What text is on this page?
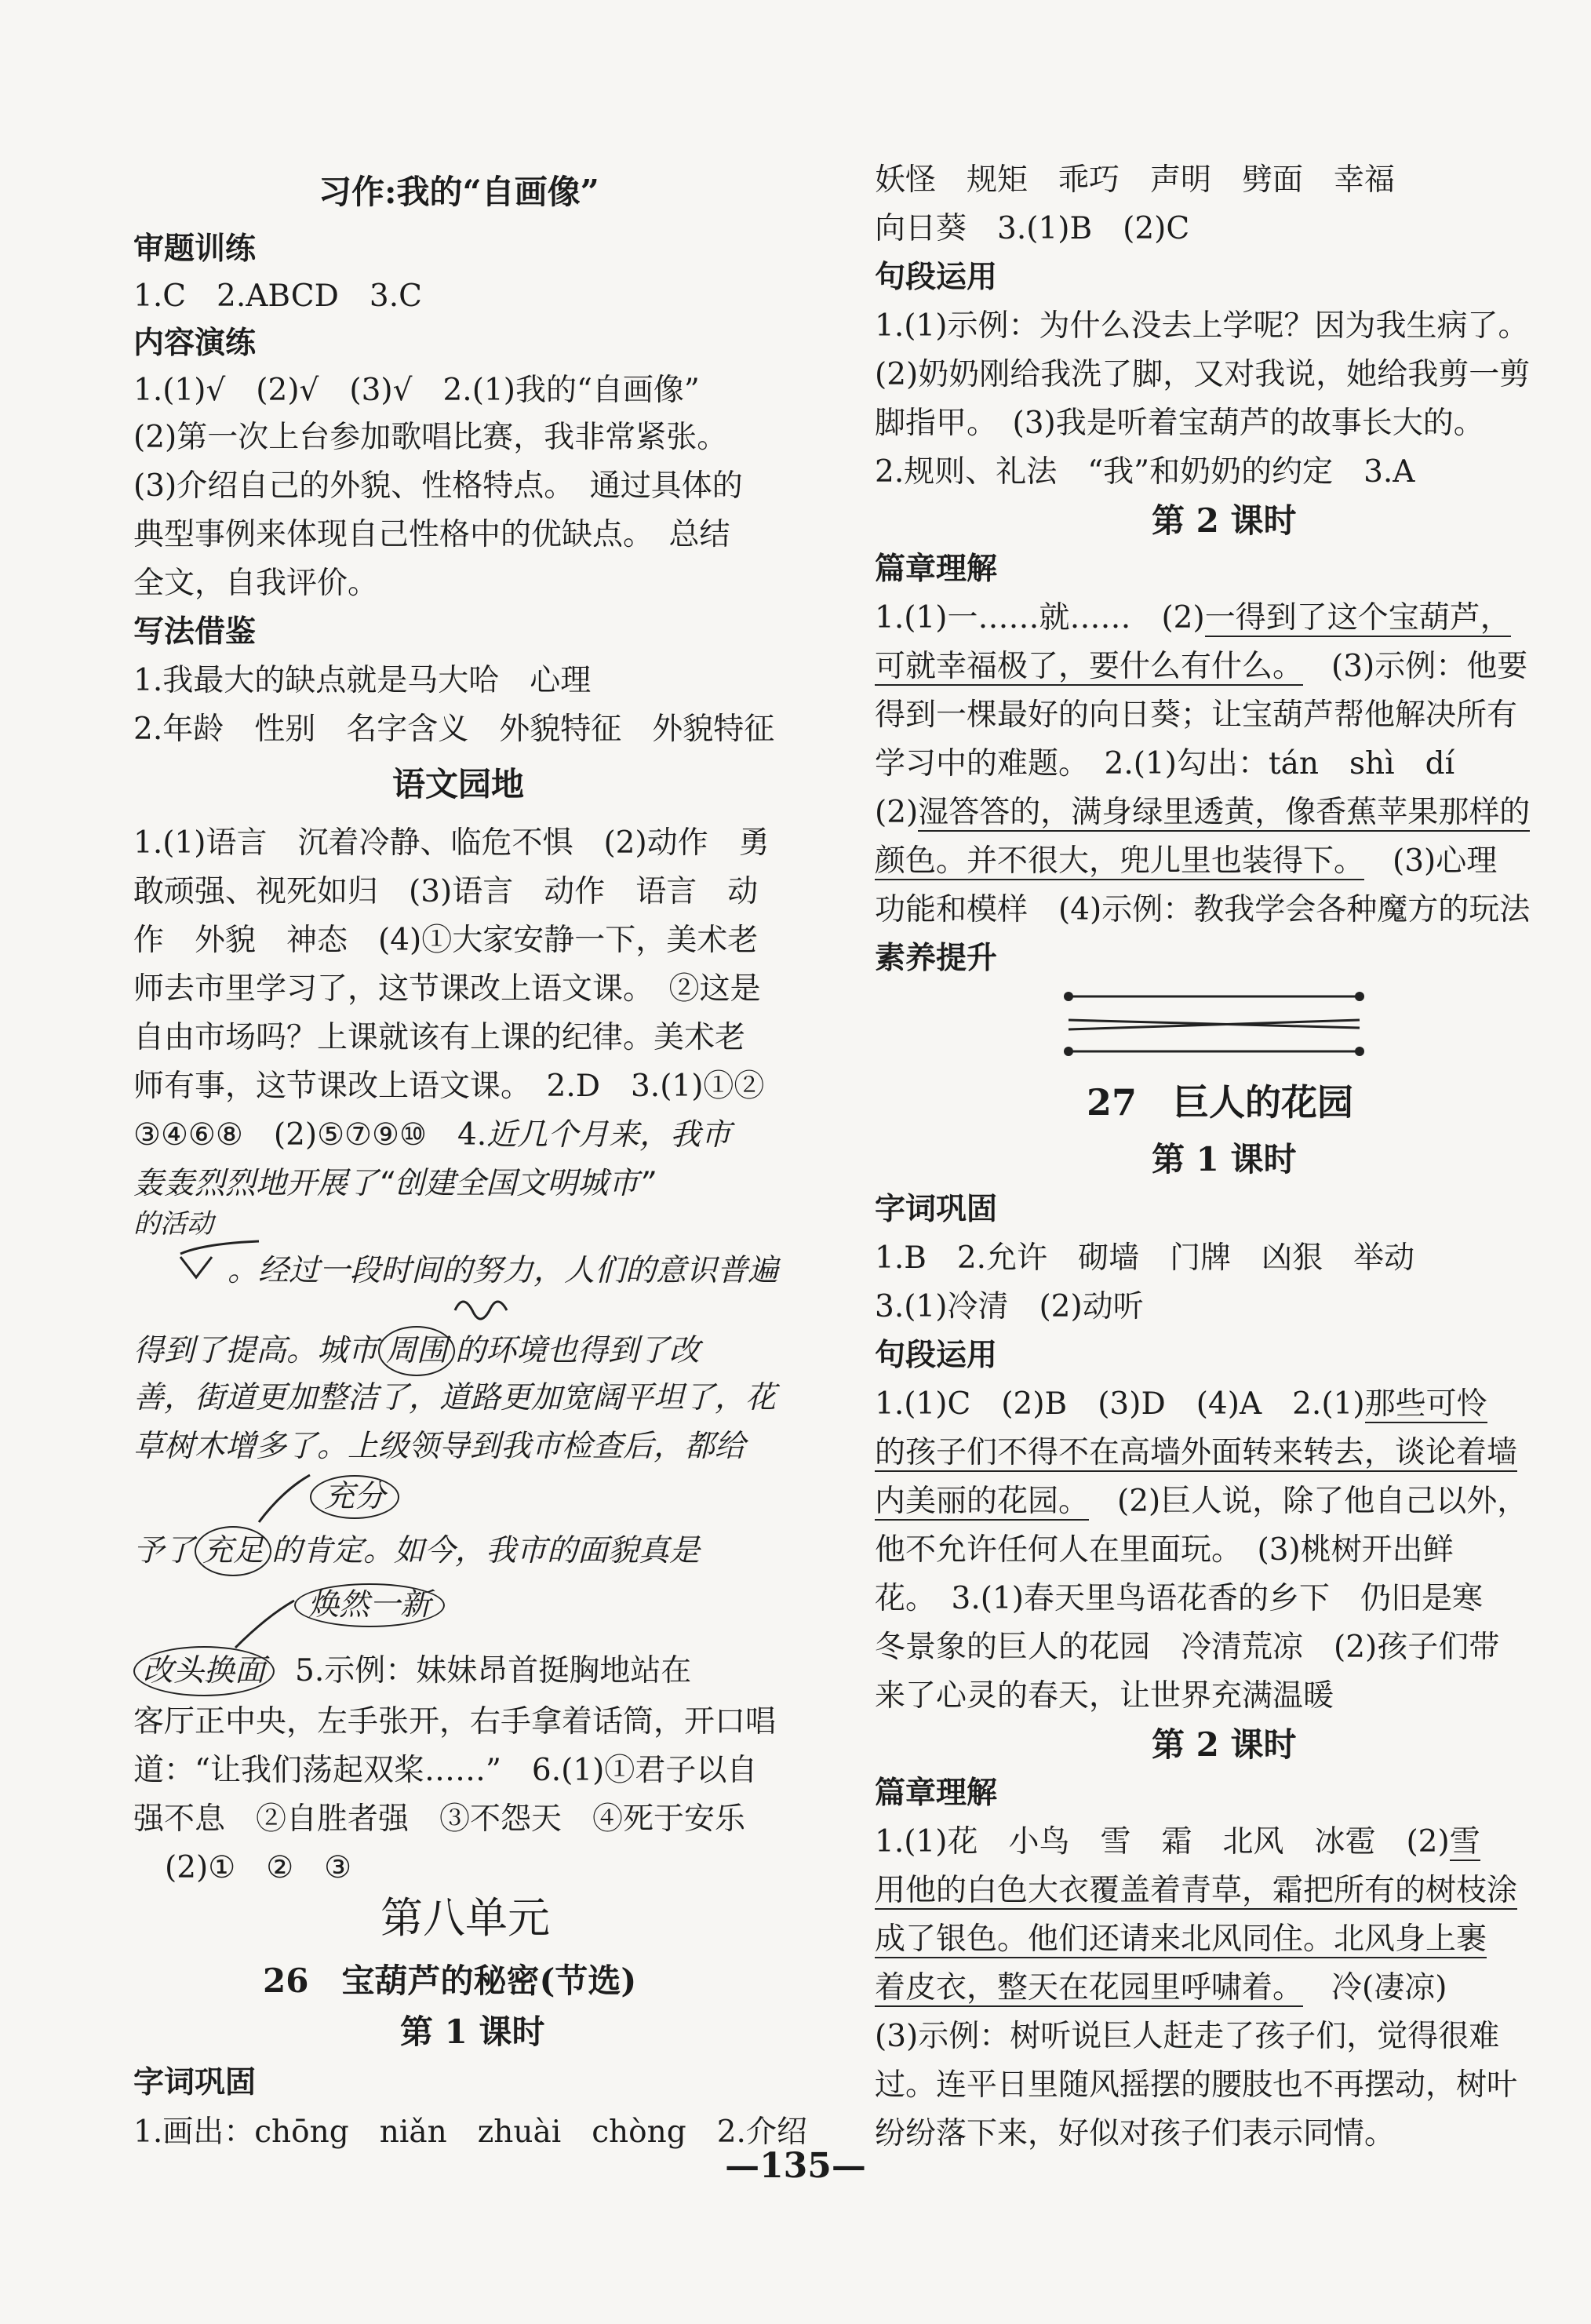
习作:我的“自画像”
审题训练
1.C　2.ABCD　3.C
内容演练
1.(1)√　(2)√　(3)√　2.(1)我的“自画像”
(2)第一次上台参加歌唱比赛，我非常紧张。
(3)介绍自己的外貌、性格特点。　通过具体的
典型事例来体现自己性格中的优缺点。　总结
全文，自我评价。
写法借鉴
1.我最大的缺点就是马大哈　心理
2.年龄　性别　名字含义　外貌特征　外貌特征
语文园地
1.(1)语言　沉着冷静、临危不惧　(2)动作　勇
敢顽强、视死如归　(3)语言　动作　语言　动
作　外貌　神态　(4)①大家安静一下，美术老
师去市里学习了，这节课改上语文课。　②这是
自由市场吗？上课就该有上课的纪律。美术老
师有事，这节课改上语文课。　2.D　3.(1)①②
③④⑥⑧　(2)⑤⑦⑨⑩　4.近几个月来，我市
轰轰烈烈地开展了“创建全国文明城市”
的活动
。经过一段时间的努力，人们的意识普遍
得到了提高。城市 周围 的环境也得到了改
善，街道更加整洁了，道路更加宽阔平坦了，花
草树木增多了。上级领导到我市检查后，都给
充分
予了 充足 的肯定。如今，我市的面貌真是
焕然一新
改头换面 5.示例：妹妹昂首挺胸地站在
客厅正中央，左手张开，右手拿着话筒，开口唱
道：“让我们荡起双桨……”　6.(1)①君子以自
强不息　②自胜者强　③不怨天　④死于安乐
(2)①　②　③
第八单元
26　宝葫芦的秘密(节选)
第 1 课时
字词巩固
1.画出：chōng　niǎn　zhuài　chòng　2.介绍
妖怪　规矩　乖巧　声明　劈面　幸福
向日葵　3.(1)B　(2)C
句段运用
1.(1)示例：为什么没去上学呢？因为我生病了。
(2)奶奶刚给我洗了脚，又对我说，她给我剪一剪
脚指甲。　(3)我是听着宝葫芦的故事长大的。
2.规则、礼法　“我”和奶奶的约定　3.A
第 2 课时
篇章理解
1.(1)一……就……　(2)一得到了这个宝葫芦，
可就幸福极了，要什么有什么。 (3)示例：他要
得到一棵最好的向日葵；让宝葫芦帮他解决所有
学习中的难题。　2.(1)勾出：tán　shì　dí
(2)湿答答的，满身绿里透黄，像香蕉苹果那样的
颜色。并不很大，兜儿里也装得下。 (3)心理
功能和模样　(4)示例：教我学会各种魔方的玩法
素养提升
27　巨人的花园
第 1 课时
字词巩固
1.B　2.允许　砌墙　门牌　凶狠　举动
3.(1)冷清　(2)动听
句段运用
1.(1)C　(2)B　(3)D　(4)A　2.(1)那些可怜
的孩子们不得不在高墙外面转来转去，谈论着墙
内美丽的花园。 (2)巨人说，除了他自己以外，
他不允许任何人在里面玩。　(3)桃树开出鲜
花。　3.(1)春天里鸟语花香的乡下　仍旧是寒
冬景象的巨人的花园　冷清荒凉　(2)孩子们带
来了心灵的春天，让世界充满温暖
第 2 课时
篇章理解
1.(1)花　小鸟　雪　霜　北风　冰雹　(2)雪
用他的白色大衣覆盖着青草，霜把所有的树枝涂
成了银色。他们还请来北风同住。北风身上裹
着皮衣，整天在花园里呼啸着。 冷(凄凉)
(3)示例：树听说巨人赶走了孩子们，觉得很难
过。连平日里随风摇摆的腰肢也不再摆动，树叶
纷纷落下来，好似对孩子们表示同情。
—135—
